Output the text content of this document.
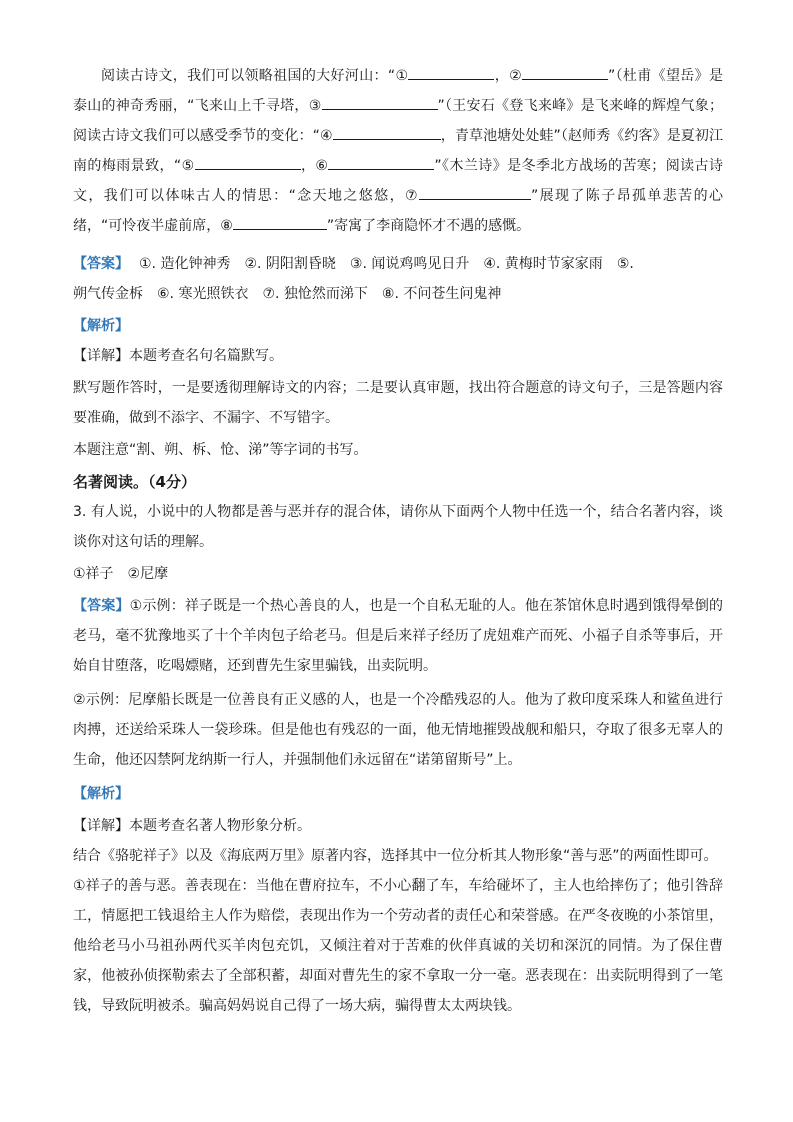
阅读古诗文，我们可以领略祖国的大好河山：“①	，②	”（杜甫《望岳》是泰山的神奇秀丽，“飞来山上千寻塔，③	”（王安石《登飞来峰》是飞来峰的辉煌气象；阅读古诗文我们可以感受季节的变化：“④	，青草池塘处处蛙”（赵师秀《约客》是夏初江南的梅雨景致，“⑤	，⑥	”《木兰诗》是冬季北方战场的苦寒；阅读古诗文，我们可以体味古人的情思：“念天地之悠悠，⑦	”展现了陈子昂孤单悲苦的心绪，“可怜夜半虚前席，⑧	”寄寓了李商隐怀才不遇的感慨。

【答案】 ①. 造化钟神秀 ②. 阴阳割昏晓 ③. 闻说鸡鸣见日升 ④. 黄梅时节家家雨 ⑤.

朔气传金柝 ⑥. 寒光照铁衣 ⑦. 独怆然而涕下 ⑧. 不问苍生问鬼神

【解析】

【详解】本题考查名句名篇默写。

默写题作答时，一是要透彻理解诗文的内容；二是要认真审题，找出符合题意的诗文句子，三是答题内容要准确，做到不添字、不漏字、不写错字。

本题注意“割、朔、柝、怆、涕”等字词的书写。

名著阅读。（4分）

3. 有人说，小说中的人物都是善与恶并存的混合体，请你从下面两个人物中任选一个，结合名著内容，谈谈你对这句话的理解。

①祥子　②尼摩

【答案】①示例：祥子既是一个热心善良的人，也是一个自私无耻的人。他在茶馆休息时遇到饿得晕倒的老马，毫不犹豫地买了十个羊肉包子给老马。但是后来祥子经历了虎妞难产而死、小福子自杀等事后，开始自甘堕落，吃喝嫖赌，还到曹先生家里骗钱，出卖阮明。

②示例：尼摩船长既是一位善良有正义感的人，也是一个冷酷残忍的人。他为了救印度采珠人和鲨鱼进行肉搏，还送给采珠人一袋珍珠。但是他也有残忍的一面，他无情地摧毁战舰和船只，夺取了很多无辜人的生命，他还囚禁阿龙纳斯一行人，并强制他们永远留在“诺第留斯号”上。

【解析】

【详解】本题考查名著人物形象分析。

结合《骆驼祥子》以及《海底两万里》原著内容，选择其中一位分析其人物形象“善与恶”的两面性即可。

①祥子的善与恶。善表现在：当他在曹府拉车，不小心翻了车，车给碰坏了，主人也给摔伤了；他引咎辞工，情愿把工钱退给主人作为赔偿，表现出作为一个劳动者的责任心和荣誉感。在严冬夜晚的小茶馆里，他给老马小马祖孙两代买羊肉包充饥，又倾注着对于苦难的伙伴真诚的关切和深沉的同情。为了保住曹家，他被孙侦探勒索去了全部积蓄，却面对曹先生的家不拿取一分一毫。恶表现在：出卖阮明得到了一笔钱，导致阮明被杀。骗高妈妈说自己得了一场大病，骗得曹太太两块钱。
